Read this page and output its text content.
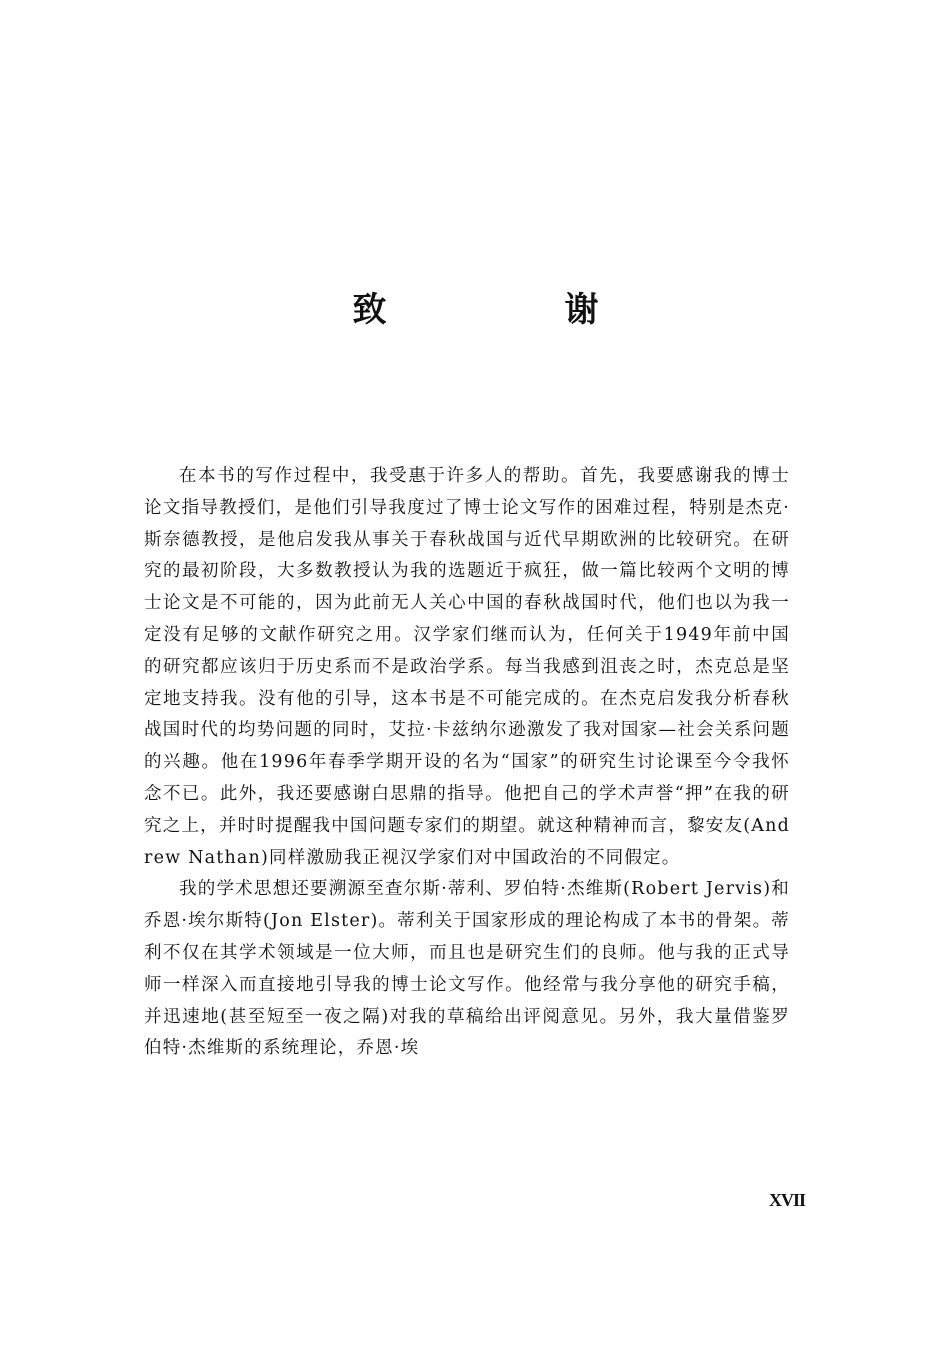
致　谢

在本书的写作过程中，我受惠于许多人的帮助。首先，我要感谢我的博士论文指导教授们，是他们引导我度过了博士论文写作的困难过程，特别是杰克·斯奈德教授，是他启发我从事关于春秋战国与近代早期欧洲的比较研究。在研究的最初阶段，大多数教授认为我的选题近于疯狂，做一篇比较两个文明的博士论文是不可能的，因为此前无人关心中国的春秋战国时代，他们也以为我一定没有足够的文献作研究之用。汉学家们继而认为，任何关于1949年前中国的研究都应该归于历史系而不是政治学系。每当我感到沮丧之时，杰克总是坚定地支持我。没有他的引导，这本书是不可能完成的。在杰克启发我分析春秋战国时代的均势问题的同时，艾拉·卡兹纳尔逊激发了我对国家—社会关系问题的兴趣。他在1996年春季学期开设的名为“国家”的研究生讨论课至今令我怀念不已。此外，我还要感谢白思鼎的指导。他把自己的学术声誉“押”在我的研究之上，并时时提醒我中国问题专家们的期望。就这种精神而言，黎安友(Andrew Nathan)同样激励我正视汉学家们对中国政治的不同假定。

我的学术思想还要溯源至查尔斯·蒂利、罗伯特·杰维斯(Robert Jervis)和乔恩·埃尔斯特(Jon Elster)。蒂利关于国家形成的理论构成了本书的骨架。蒂利不仅在其学术领域是一位大师，而且也是研究生们的良师。他与我的正式导师一样深入而直接地引导我的博士论文写作。他经常与我分享他的研究手稿，并迅速地(甚至短至一夜之隔)对我的草稿给出评阅意见。另外，我大量借鉴罗伯特·杰维斯的系统理论，乔恩·埃

XVII
